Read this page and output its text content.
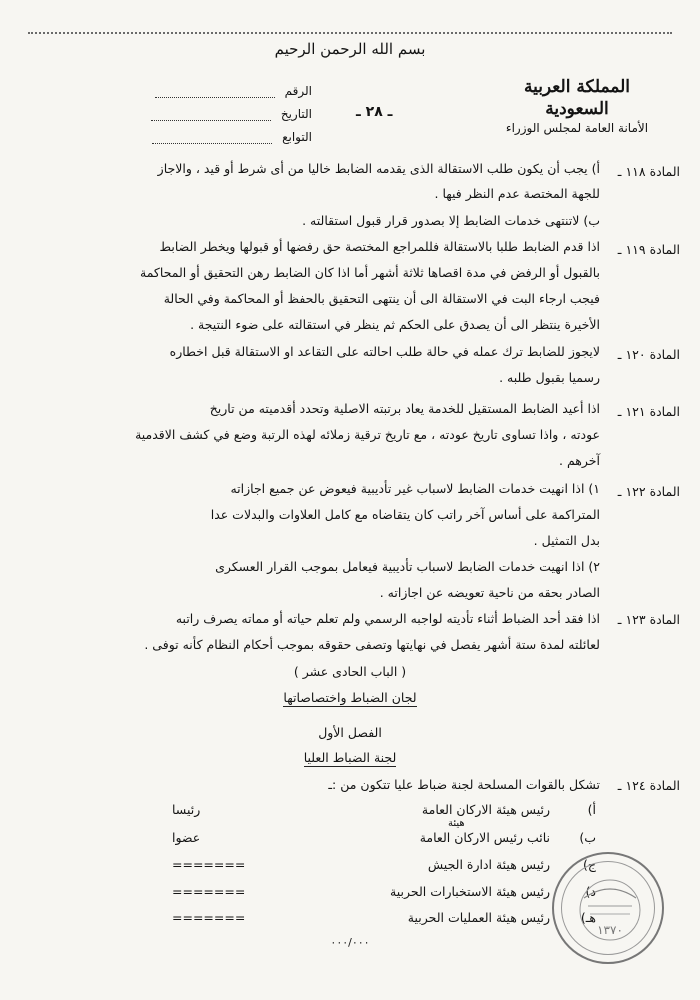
بسم الله الرحمن الرحيم
الرقم
التاريخ
التوابع
ـ ٢٨ ـ
المملكة العربية السعودية
الأمانة العامة لمجلس الوزراء
المادة ١١٨ ـ
المادة ١١٩ ـ
المادة ١٢٠ ـ
المادة ١٢١ ـ
المادة ١٢٢ ـ
المادة ١٢٣ ـ
المادة ١٢٤ ـ
أ) يجب أن يكون طلب الاستقالة الذى يقدمه الضابط خاليا من أى شرط أو قيد ، والاجاز
للجهة المختصة عدم النظر فيها .
ب) لاتنتهى خدمات الضابط إلا بصدور قرار قبول استقالته .
اذا قدم الضابط طلبا بالاستقالة فللمراجع المختصة حق رفضها أو قبولها ويخطر الضابط
بالقبول أو الرفض في مدة اقصاها ثلاثة أشهر أما اذا كان الضابط رهن التحقيق أو المحاكمة
فيجب ارجاء البت في الاستقالة الى أن ينتهى التحقيق بالحفظ أو المحاكمة وفي الحالة
الأخيرة ينتظر الى أن يصدق على الحكم ثم ينظر في استقالته على ضوء النتيجة .
لايجوز للضابط ترك عمله في حالة طلب احالته على التقاعد او الاستقالة قبل اخطاره
رسميا بقبول طلبه .
اذا أعيد الضابط المستقيل للخدمة يعاد برتبته الاصلية وتحدد أقدميته من تاريخ
عودته ، واذا تساوى تاريخ عودته ، مع تاريخ ترقية زملائه لهذه الرتبة وضع في كشف الاقدمية
آخرهم .
١) اذا انهيت خدمات الضابط لاسباب غير تأديبية فيعوض عن جميع اجازاته
المتراكمة على أساس آخر راتب كان يتقاضاه مع كامل العلاوات والبدلات عدا
بدل التمثيل .
٢) اذا انهيت خدمات الضابط لاسباب تأديبية فيعامل بموجب القرار العسكرى
الصادر بحقه من ناحية تعويضه عن اجازاته .
اذا فقد أحد الضباط أثناء تأديته لواجبه الرسمي ولم تعلم حياته أو مماته يصرف راتبه
لعائلته لمدة ستة أشهر يفصل في نهايتها وتصفى حقوقه بموجب أحكام النظام كأنه توفى .
( الباب الحادى عشر )
لجان الضباط واختصاصاتها
الفصل الأول
لجنة الضباط العليا
تشكل بالقوات المسلحة لجنة ضباط عليا تتكون من :ـ
هيئة
أ)
رئيس هيئة الاركان العامة
رئيسا
ب)
نائب رئيس الاركان العامة
عضوا
ج)
رئيس هيئة ادارة الجيش
=======
د)
رئيس هيئة الاستخبارات الحربية
=======
هـ)
رئيس هيئة العمليات الحربية
=======
٠٠٠/٠٠٠
١٣٧٠
